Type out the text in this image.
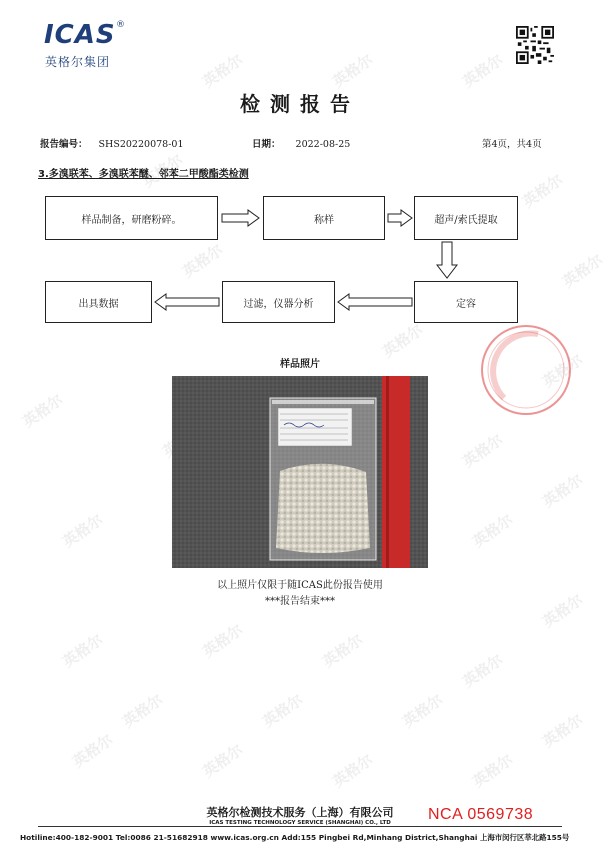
英格尔	英格尔	英格尔
英格尔	英格尔
英格尔
英格尔
英格尔
英格尔
英格尔
英格尔
英格尔	英格尔
英格尔
英格尔	英格尔	英格尔	英格尔
英格尔
英格尔	英格尔	英格尔	英格尔
英格尔
英格尔
英格尔
英格尔
ICAS ®
英格尔集团
检测报告
报告编号： SHS20220078-01	日期： 2022-08-25	第4页，共4页
3.多溴联苯、多溴联苯醚、邻苯二甲酸酯类检测
样品制备，研磨粉碎。	称样	超声/索氏提取
定容
过滤，仪器分析
出具数据
样品照片
以上照片仅限于随ICAS此份报告使用
***报告结束***
英格尔检测技术服务（上海）有限公司
ICAS TESTING TECHNOLOGY SERVICE (SHANGHAI) CO., LTD	NCA 0569738
Hotiline:400-182-9001 Tel:0086 21-51682918 www.icas.org.cn Add:155 Pingbei Rd,Minhang District,Shanghai 上海市闵行区莘北路155号
